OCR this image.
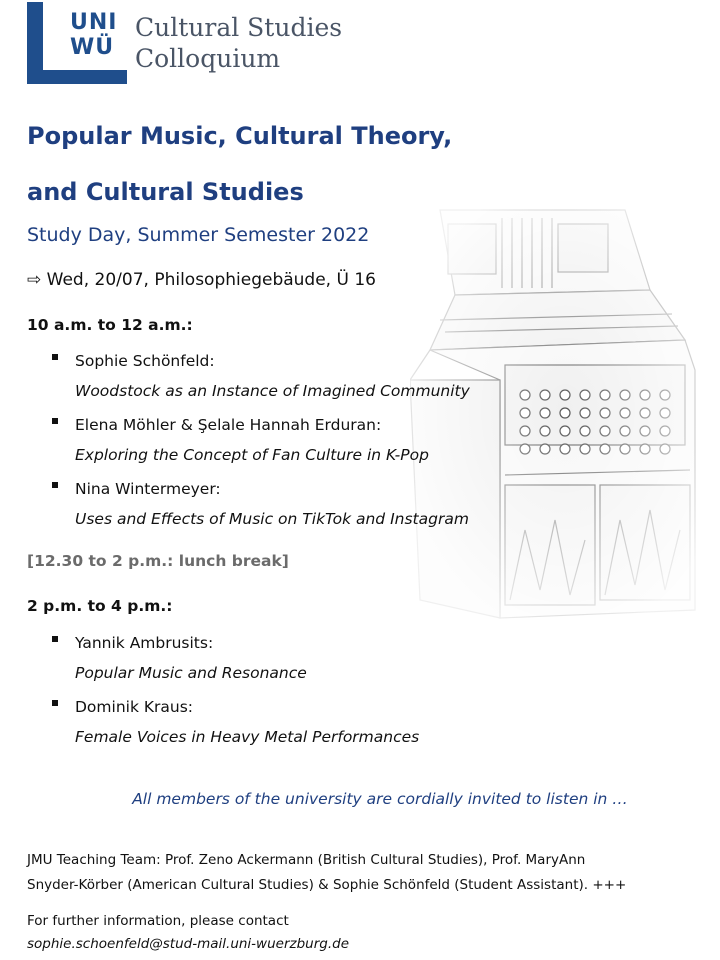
UNI
WÜ
Cultural Studies
Colloquium
Popular Music, Cultural Theory,
and Cultural Studies
Study Day, Summer Semester 2022
⇨ Wed, 20/07, Philosophiegebäude, Ü 16
10 a.m. to 12 a.m.:
Sophie Schönfeld:
Woodstock as an Instance of Imagined Community
Elena Möhler & Şelale Hannah Erduran:
Exploring the Concept of Fan Culture in K-Pop
Nina Wintermeyer:
Uses and Effects of Music on TikTok and Instagram
[12.30 to 2 p.m.: lunch break]
2 p.m. to 4 p.m.:
Yannik Ambrusits:
Popular Music and Resonance
Dominik Kraus:
Female Voices in Heavy Metal Performances
All members of the university are cordially invited to listen in …
JMU Teaching Team: Prof. Zeno Ackermann (British Cultural Studies), Prof. MaryAnn
Snyder-Körber (American Cultural Studies) & Sophie Schönfeld (Student Assistant). +++
For further information, please contact
sophie.schoenfeld@stud-mail.uni-wuerzburg.de
